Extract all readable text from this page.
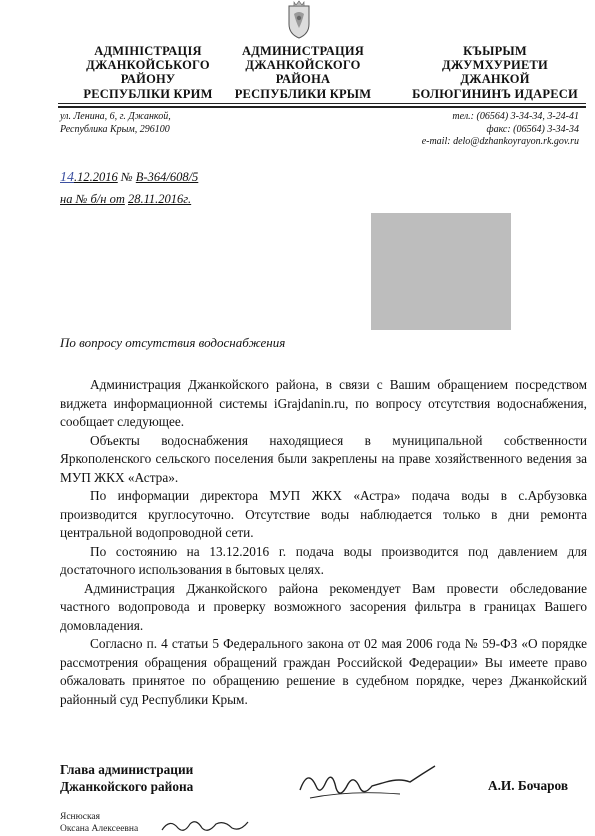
АДМІНІСТРАЦІЯ
ДЖАНКОЙСЬКОГО
РАЙОНУ
РЕСПУБЛІКИ КРИМ
АДМИНИСТРАЦИЯ
ДЖАНКОЙСКОГО
РАЙОНА
РЕСПУБЛИКИ КРЫМ
КЪЫРЫМ
ДЖУМХУРИЕТИ
ДЖАНКОЙ
БОЛЮГИНИНЪ ИДАРЕСИ
ул. Ленина, 6, г. Джанкой,
Республика Крым, 296100
тел.: (06564) 3-34-34, 3-24-41
факс: (06564) 3-34-34
e-mail: delo@dzhankoyrayon.rk.gov.ru
14.12.2016 № В-364/608/5
на № б/н от 28.11.2016г.
По вопросу отсутствия водоснабжения

Администрация Джанкойского района, в связи с Вашим обращением посредством виджета информационной системы iGrajdanin.ru, по вопросу отсутствия водоснабжения, сообщает следующее.

Объекты водоснабжения находящиеся в муниципальной собственности Яркополенского сельского поселения были закреплены на праве хозяйственного ведения за МУП ЖКХ «Астра».

По информации директора МУП ЖКХ «Астра» подача воды в с.Арбузовка производится круглосуточно. Отсутствие воды наблюдается только в дни ремонта центральной водопроводной сети.

По состоянию на 13.12.2016 г. подача воды производится под давлением для достаточного использования в бытовых целях.

Администрация Джанкойского района рекомендует Вам провести обследование частного водопровода и проверку возможного засорения фильтра в границах Вашего домовладения.

Согласно п. 4 статьи 5 Федерального закона от 02 мая 2006 года № 59-ФЗ «О порядке рассмотрения обращения обращений граждан Российской Федерации» Вы имеете право обжаловать принятое по обращению решение в судебном порядке, через Джанкойский районный суд Республики Крым.

Глава администрации
Джанкойского района	А.И. Бочаров
Яснюская
Оксана Алексеевна
